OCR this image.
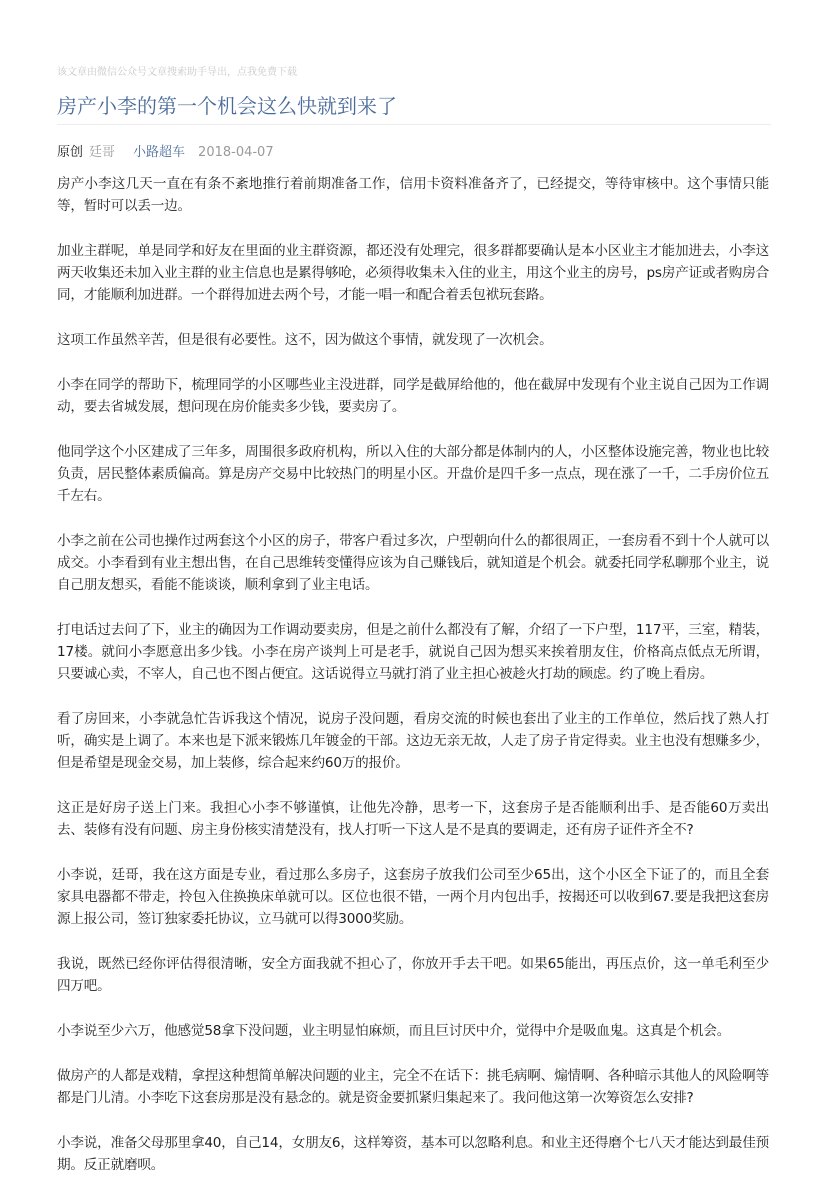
该文章由微信公众号文章搜索助手导出，点我免费下载
房产小李的第一个机会这么快就到来了
原创 廷哥 小路超车 2018-04-07

房产小李这几天一直在有条不紊地推行着前期准备工作，信用卡资料准备齐了，已经提交，等待审核中。这个事情只能等，暂时可以丢一边。

加业主群呢，单是同学和好友在里面的业主群资源，都还没有处理完，很多群都要确认是本小区业主才能加进去，小李这两天收集还未加入业主群的业主信息也是累得够呛，必须得收集未入住的业主，用这个业主的房号，ps房产证或者购房合同，才能顺利加进群。一个群得加进去两个号，才能一唱一和配合着丢包袱玩套路。

这项工作虽然辛苦，但是很有必要性。这不，因为做这个事情，就发现了一次机会。

小李在同学的帮助下，梳理同学的小区哪些业主没进群，同学是截屏给他的，他在截屏中发现有个业主说自己因为工作调动，要去省城发展，想问现在房价能卖多少钱，要卖房了。

他同学这个小区建成了三年多，周围很多政府机构，所以入住的大部分都是体制内的人，小区整体设施完善，物业也比较负责，居民整体素质偏高。算是房产交易中比较热门的明星小区。开盘价是四千多一点点，现在涨了一千，二手房价位五千左右。

小李之前在公司也操作过两套这个小区的房子，带客户看过多次，户型朝向什么的都很周正，一套房看不到十个人就可以成交。小李看到有业主想出售，在自己思维转变懂得应该为自己赚钱后，就知道是个机会。就委托同学私聊那个业主，说自己朋友想买，看能不能谈谈，顺利拿到了业主电话。

打电话过去问了下，业主的确因为工作调动要卖房，但是之前什么都没有了解，介绍了一下户型，117平，三室，精装，17楼。就问小李愿意出多少钱。小李在房产谈判上可是老手，就说自己因为想买来挨着朋友住，价格高点低点无所谓，只要诚心卖，不宰人，自己也不图占便宜。这话说得立马就打消了业主担心被趁火打劫的顾虑。约了晚上看房。

看了房回来，小李就急忙告诉我这个情况，说房子没问题，看房交流的时候也套出了业主的工作单位，然后找了熟人打听，确实是上调了。本来也是下派来锻炼几年镀金的干部。这边无亲无故，人走了房子肯定得卖。业主也没有想赚多少，但是希望是现金交易，加上装修，综合起来约60万的报价。

这正是好房子送上门来。我担心小李不够谨慎，让他先冷静，思考一下，这套房子是否能顺利出手、是否能60万卖出去、装修有没有问题、房主身份核实清楚没有，找人打听一下这人是不是真的要调走，还有房子证件齐全不?

小李说，廷哥，我在这方面是专业，看过那么多房子，这套房子放我们公司至少65出，这个小区全下证了的，而且全套家具电器都不带走，拎包入住换换床单就可以。区位也很不错，一两个月内包出手，按揭还可以收到67.要是我把这套房源上报公司，签订独家委托协议，立马就可以得3000奖励。

我说，既然已经你评估得很清晰，安全方面我就不担心了，你放开手去干吧。如果65能出，再压点价，这一单毛利至少四万吧。

小李说至少六万，他感觉58拿下没问题，业主明显怕麻烦，而且巨讨厌中介，觉得中介是吸血鬼。这真是个机会。

做房产的人都是戏精，拿捏这种想简单解决问题的业主，完全不在话下：挑毛病啊、煽情啊、各种暗示其他人的风险啊等都是门儿清。小李吃下这套房那是没有悬念的。就是资金要抓紧归集起来了。我问他这第一次筹资怎么安排?

小李说，准备父母那里拿40，自己14，女朋友6，这样筹资，基本可以忽略利息。和业主还得磨个七八天才能达到最佳预期。反正就磨呗。
